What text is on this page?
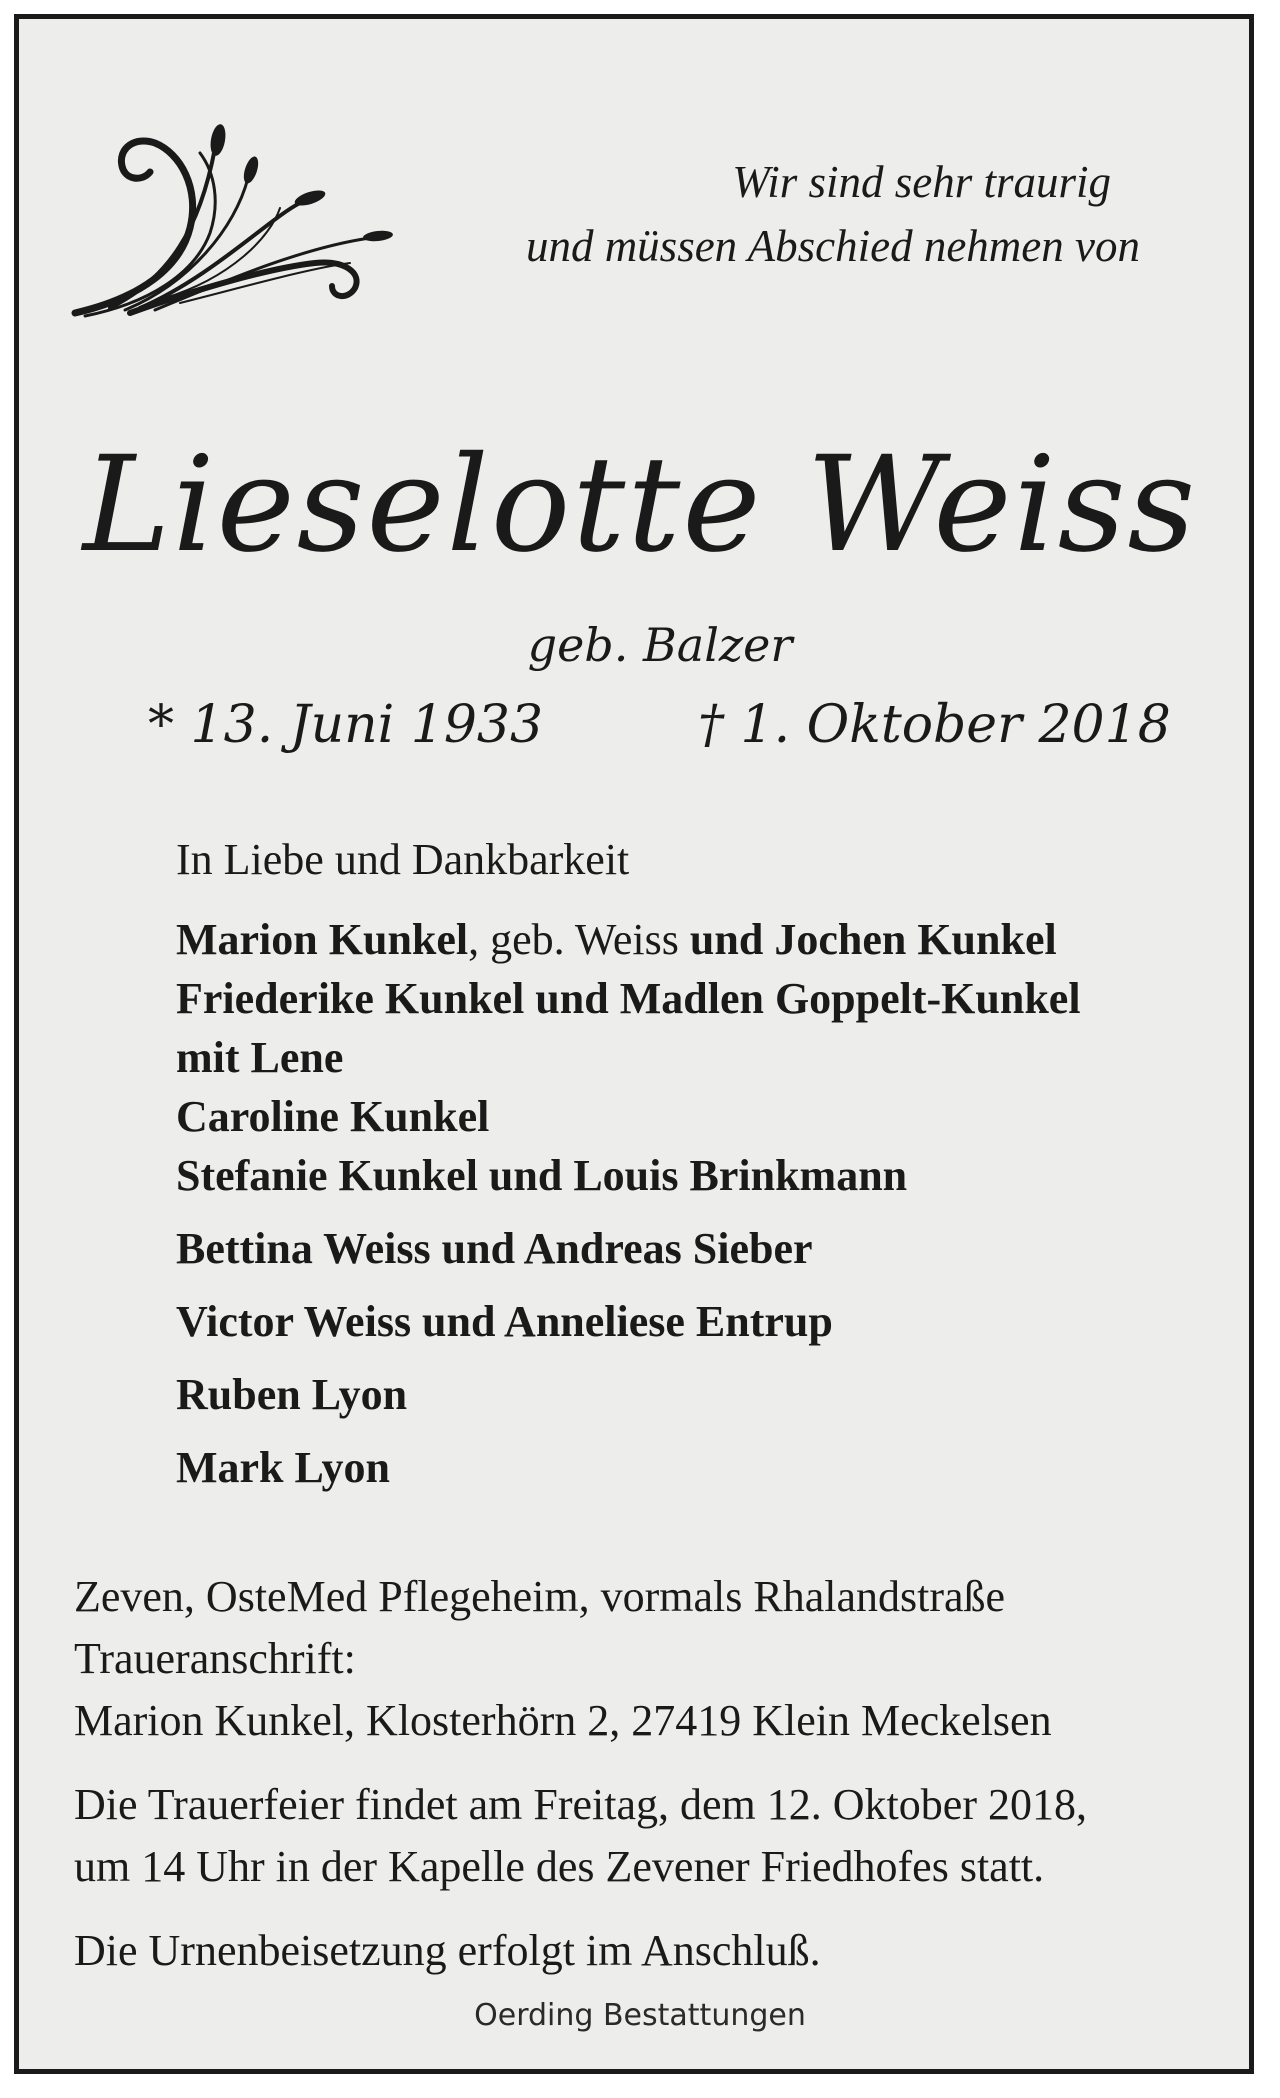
Wir sind sehr traurig
und müssen Abschied nehmen von
Lieselotte Weiss
geb. Balzer
* 13. Juni 1933	† 1. Oktober 2018
In Liebe und Dankbarkeit
Marion Kunkel, geb. Weiss und Jochen Kunkel
Friederike Kunkel und Madlen Goppelt-Kunkel
mit Lene
Caroline Kunkel
Stefanie Kunkel und Louis Brinkmann
Bettina Weiss und Andreas Sieber
Victor Weiss und Anneliese Entrup
Ruben Lyon
Mark Lyon
Zeven, OsteMed Pflegeheim, vormals Rhalandstraße
Traueranschrift:
Marion Kunkel, Klosterhörn 2, 27419 Klein Meckelsen
Die Trauerfeier findet am Freitag, dem 12. Oktober 2018,
um 14 Uhr in der Kapelle des Zevener Friedhofes statt.
Die Urnenbeisetzung erfolgt im Anschluß.
Oerding Bestattungen
